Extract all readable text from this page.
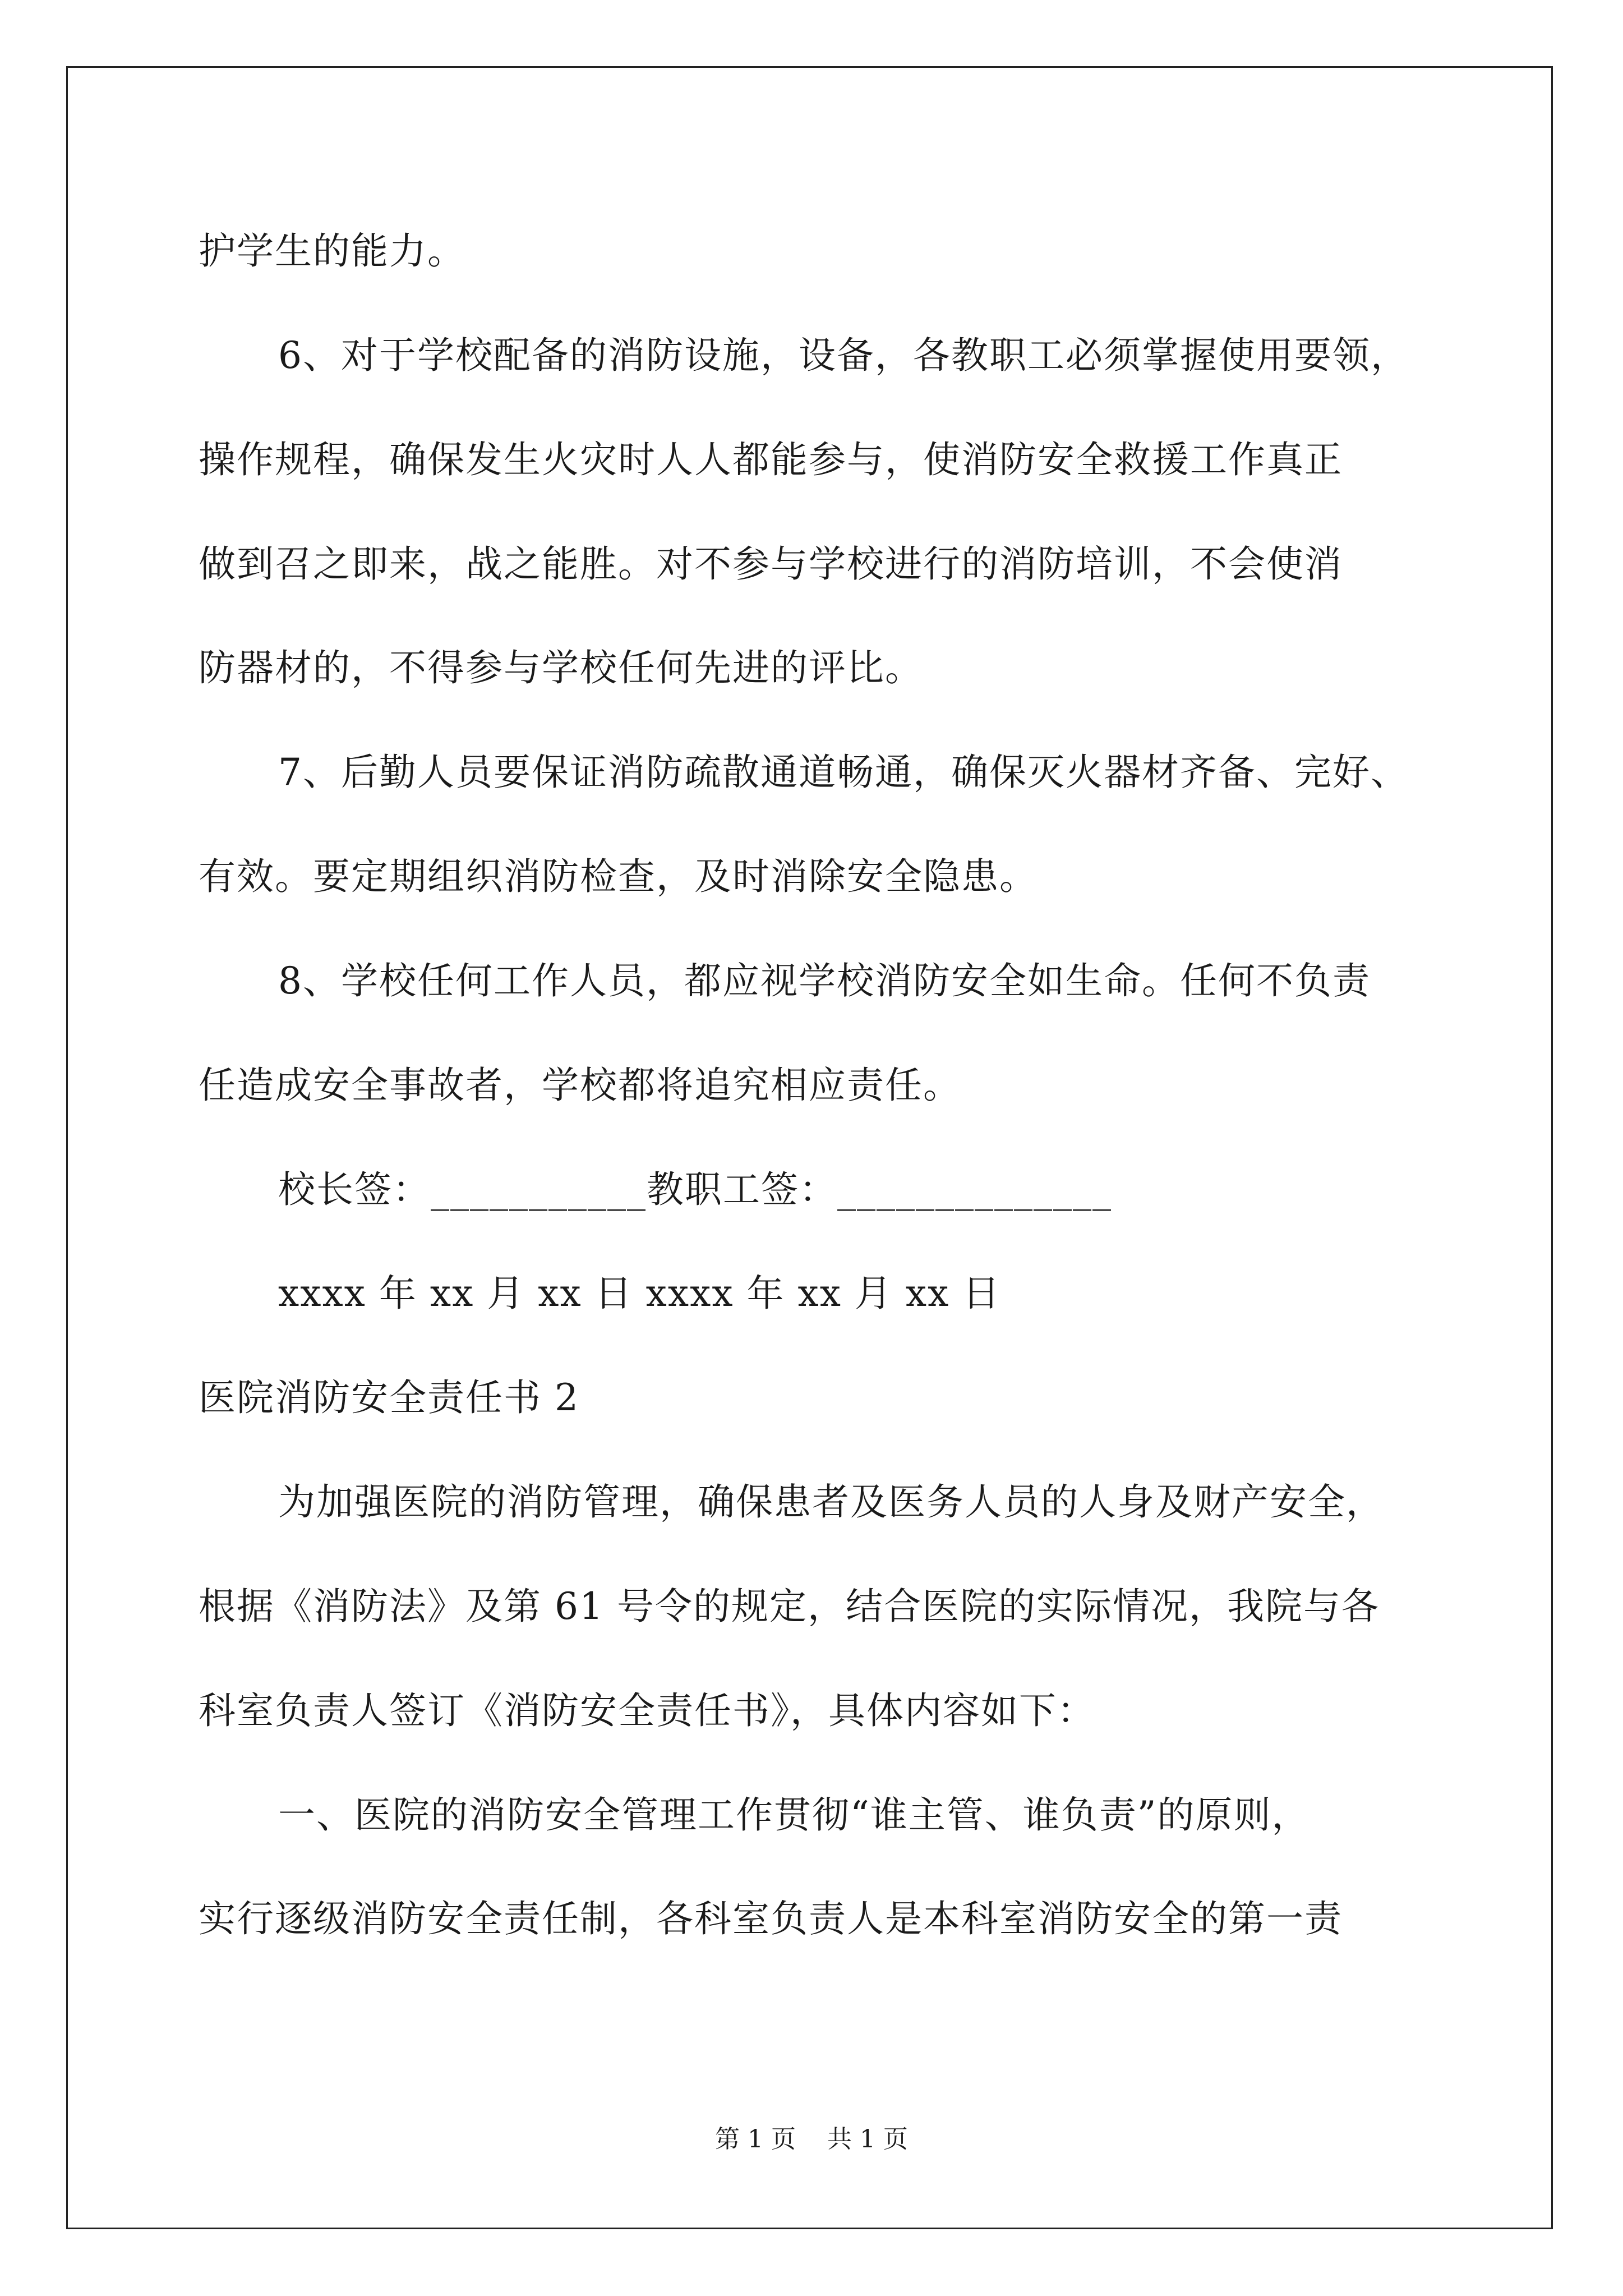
护学生的能力。
6、对于学校配备的消防设施，设备，各教职工必须掌握使用要领，
操作规程，确保发生火灾时人人都能参与，使消防安全救援工作真正
做到召之即来，战之能胜。对不参与学校进行的消防培训，不会使消
防器材的，不得参与学校任何先进的评比。
7、后勤人员要保证消防疏散通道畅通，确保灭火器材齐备、完好、
有效。要定期组织消防检查，及时消除安全隐患。
8、学校任何工作人员，都应视学校消防安全如生命。任何不负责
任造成安全事故者，学校都将追究相应责任。
校长签：___________教职工签：______________
xxxx 年 xx 月 xx 日 xxxx 年 xx 月 xx 日
医院消防安全责任书 2
为加强医院的消防管理，确保患者及医务人员的人身及财产安全，
根据《消防法》及第 61 号令的规定，结合医院的实际情况，我院与各
科室负责人签订《消防安全责任书》，具体内容如下：
一、医院的消防安全管理工作贯彻“谁主管、谁负责”的原则，
实行逐级消防安全责任制，各科室负责人是本科室消防安全的第一责
第 1 页    共 1 页
